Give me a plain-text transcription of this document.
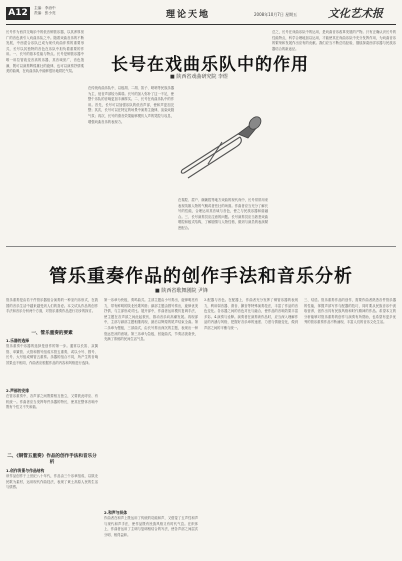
A12	主编：李治中
责编：张小亮	理论天地	2008年10月7日 星期五	文化艺术报
长号作为西洋交响乐中的低音铜管乐器，以其浑厚宽广的音色被引入戏曲乐队之中。随着戏曲音乐的不断发展，中西混合乐队已成为现代戏曲伴奏的重要形式，长号以其独特的音色在乐队中担负着重要的作用。一、长号的基本性能与特点。长号是铜管乐器中唯一用拉管改变音高的乐器，其音域宽广，音色饱满，既可以演奏辉煌雄壮的旋律，也可以演奏抒情柔美的曲调，在戏曲乐队中能够很好地烘托气氛。	长号在戏曲乐队中的作用
■ 陕西省戏曲研究院 李煜
在传统戏曲乐队中，以板胡、二胡、笛子、唢呐等民族乐器为主，低音声部较为薄弱。长号的加入弥补了这一不足，使整个乐队的音响更加丰满厚实。二、长号在戏曲乐队中的作用。首先，长号可以加强乐队的低音声部，使和声更加完整；其次，长号可以在特定的场景中演奏主旋律，渲染戏剧气氛；再次，长号的滑音效果能够模仿人声的哭腔与叹息，增强戏曲音乐的表现力。
在秦腔、眉户、碗碗腔等地方戏曲的现代戏中，长号常常用来表现英雄人物的气概或者悲壮的场面。作曲者应当充分了解长号的性能，合理运用其音域与音色，使之与民族乐器和谐融合。三、长号演奏员应注意的问题。长号演奏员应当熟悉戏曲唱腔和板式结构，了解剧情与人物性格，做到与演员的表演紧密配合。
总之，长号在戏曲乐队中的运用，是戏曲音乐改革发展的产物。只有正确认识长号的性能特点，科学合理地加以运用，才能使其在戏曲乐队中充分发挥作用，为戏曲音乐的繁荣和发展作出应有的贡献。我们应当不断总结经验，继续探索西洋乐器与民族乐器结合的新途径。
管乐重奏作品的创作手法和音乐分析
■ 陕西省歌舞剧院 尹锋
管乐重奏是由若干件管乐器组合演奏的一种室内乐形式，在我国的音乐生活中越来越受到人们的喜爱。本文试从作品的创作手法和音乐分析两个方面，对管乐重奏作品进行初步的探讨。
一、管乐重奏的要素
1.乐器的选择
管乐重奏中乐器的选择是创作的第一步。通常以长笛、双簧管、单簧管、大管和圆号组成木管五重奏，或以小号、圆号、长号、大号组成铜管五重奏。乐器的组合不同，所产生的音响效果也不相同，作曲者应根据作品的内容和风格进行选择。
2.声部的安排
在管乐重奏中，各声部之间既要相互独立，又要彼此呼应、有机统一。作曲者应当发挥每件乐器的特长，使其在整体音响中既有个性又不失和谐。
二、《铜管五重奏》作品的创作手法和音乐分析
1.创作背景与作品结构
该作品创作于上世纪八十年代，作品由三个乐章组成，以陕北民歌为素材，运用现代作曲技法，表现了黄土高原人民的生活与情感。
第一乐章为快板，奏鸣曲式。主部主题由小号奏出，旋律明亮有力，带有鲜明的陕北民歌风格；副部主题由圆号奏出，旋律优美抒情，与主部形成对比。展开部中，作曲者运用模仿复调手法，使主题在各声部之间此起彼伏，推动音乐向高潮发展。再现部中，主部与副部主题相继再现，最后以辉煌的尾声结束全曲。第二乐章为慢板，三部曲式，由长号奏出深沉的主题，表现出一种悠远苍凉的意境。第三乐章为急板，回旋曲式，节奏活泼欢快，充满了浓郁的民间生活气息。
2.和声与织体
作曲者在和声上既运用了传统的功能和声，又借鉴了五声性和声与现代和声手法，使作品既有民族风格又有时代气息。在织体上，作曲者运用了主调与复调相结合的写法，使各声部之间层次分明、相得益彰。
3.配器与音色。在配器上，作曲者充分发挥了铜管乐器的表现力，利用弱音器、滑音、颤音等特殊演奏技法，丰富了作品的音色变化。各乐器之间的音色对比与融合，使作品的音响效果丰富多彩。4.演奏与诠释。演奏者在演奏该作品时，应当深入理解作品的内涵与风格，把握好各乐章的速度、力度与情绪变化，做到声部之间的平衡与统一。
三、结语。管乐重奏作品的创作，需要作曲者熟悉各件管乐器的性能，掌握声部写作与配器的技巧，同时要从民族音乐中汲取营养，创作出具有民族风格和时代精神的作品。希望本文的分析能够对管乐重奏的创作与演奏有所帮助，也希望有更多优秀的管乐重奏作品不断涌现，丰富人们的音乐文化生活。
